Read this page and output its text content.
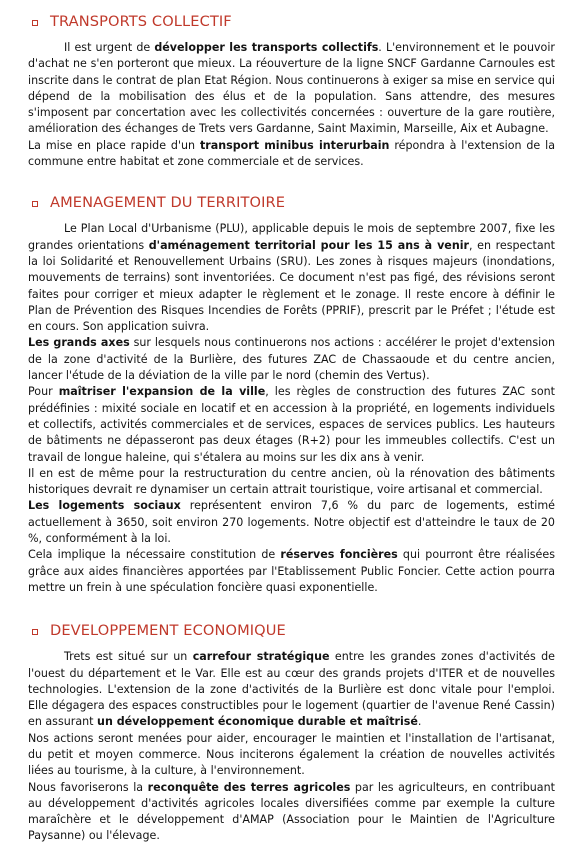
TRANSPORTS COLLECTIF

Il est urgent de développer les transports collectifs. L'environnement et le pouvoir d'achat ne s'en porteront que mieux. La réouverture de la ligne SNCF Gardanne Carnoules est inscrite dans le contrat de plan Etat Région. Nous continuerons à exiger sa mise en service qui dépend de la mobilisation des élus et de la population. Sans attendre, des mesures s'imposent par concertation avec les collectivités concernées : ouverture de la gare routière, amélioration des échanges de Trets vers Gardanne, Saint Maximin, Marseille, Aix et Aubagne.

La mise en place rapide d'un transport minibus interurbain répondra à l'extension de la commune entre habitat et zone commerciale et de services.

AMENAGEMENT DU TERRITOIRE

Le Plan Local d'Urbanisme (PLU), applicable depuis le mois de septembre 2007, fixe les grandes orientations d'aménagement territorial pour les 15 ans à venir, en respectant la loi Solidarité et Renouvellement Urbains (SRU). Les zones à risques majeurs (inondations, mouvements de terrains) sont inventoriées. Ce document n'est pas figé, des révisions seront faites pour corriger et mieux adapter le règlement et le zonage. Il reste encore à définir le Plan de Prévention des Risques Incendies de Forêts (PPRIF), prescrit par le Préfet ; l'étude est en cours. Son application suivra.

Les grands axes sur lesquels nous continuerons nos actions : accélérer le projet d'extension de la zone d'activité de la Burlière, des futures ZAC de Chassaoude et du centre ancien, lancer l'étude de la déviation de la ville par le nord (chemin des Vertus).

Pour maîtriser l'expansion de la ville, les règles de construction des futures ZAC sont prédéfinies : mixité sociale en locatif et en accession à la propriété, en logements individuels et collectifs, activités commerciales et de services, espaces de services publics. Les hauteurs de bâtiments ne dépasseront pas deux étages (R+2) pour les immeubles collectifs. C'est un travail de longue haleine, qui s'étalera au moins sur les dix ans à venir.

Il en est de même pour la restructuration du centre ancien, où la rénovation des bâtiments historiques devrait re dynamiser un certain attrait touristique, voire artisanal et commercial.

Les logements sociaux représentent environ 7,6 % du parc de logements, estimé actuellement à 3650, soit environ 270 logements. Notre objectif est d'atteindre le taux de 20 %, conformément à la loi.

Cela implique la nécessaire constitution de réserves foncières qui pourront être réalisées grâce aux aides financières apportées par l'Etablissement Public Foncier. Cette action pourra mettre un frein à une spéculation foncière quasi exponentielle.

DEVELOPPEMENT ECONOMIQUE

Trets est situé sur un carrefour stratégique entre les grandes zones d'activités de l'ouest du département et le Var. Elle est au cœur des grands projets d'ITER et de nouvelles technologies. L'extension de la zone d'activités de la Burlière est donc vitale pour l'emploi. Elle dégagera des espaces constructibles pour le logement (quartier de l'avenue René Cassin) en assurant un développement économique durable et maîtrisé.

Nos actions seront menées pour aider, encourager le maintien et l'installation de l'artisanat, du petit et moyen commerce. Nous inciterons également la création de nouvelles activités liées au tourisme, à la culture, à l'environnement.

Nous favoriserons la reconquête des terres agricoles par les agriculteurs, en contribuant au développement d'activités agricoles locales diversifiées comme par exemple la culture maraîchère et le développement d'AMAP (Association pour le Maintien de l'Agriculture Paysanne) ou l'élevage.
